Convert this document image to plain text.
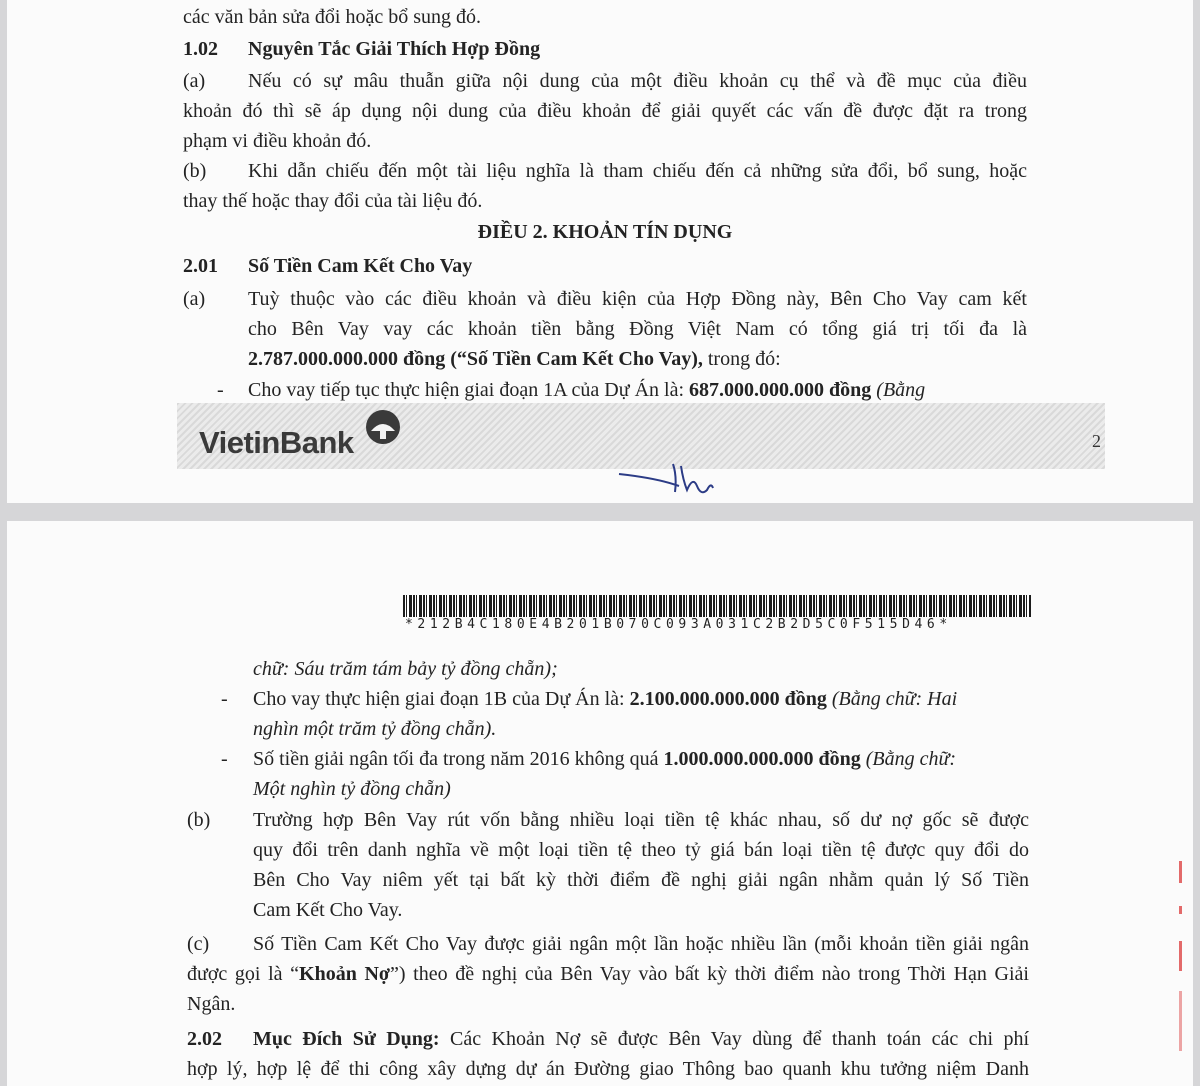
các văn bản sửa đổi hoặc bổ sung đó.
1.02 Nguyên Tắc Giải Thích Hợp Đồng
(a) Nếu có sự mâu thuẫn giữa nội dung của một điều khoản cụ thể và đề mục của điều
khoản đó thì sẽ áp dụng nội dung của điều khoản để giải quyết các vấn đề được đặt ra trong
phạm vi điều khoản đó.
(b) Khi dẫn chiếu đến một tài liệu nghĩa là tham chiếu đến cả những sửa đổi, bổ sung, hoặc
thay thế hoặc thay đổi của tài liệu đó.
ĐIỀU 2. KHOẢN TÍN DỤNG
2.01 Số Tiền Cam Kết Cho Vay
(a) Tuỳ thuộc vào các điều khoản và điều kiện của Hợp Đồng này, Bên Cho Vay cam kết
cho Bên Vay vay các khoản tiền bằng Đồng Việt Nam có tổng giá trị tối đa là
2.787.000.000.000 đồng (“Số Tiền Cam Kết Cho Vay), trong đó:
- Cho vay tiếp tục thực hiện giai đoạn 1A của Dự Án là: 687.000.000.000 đồng (Bằng
VietinBank	2
*212B4C180E4B201B070C093A031C2B2D5C0F515D46*
chữ: Sáu trăm tám bảy tỷ đồng chẵn);
- Cho vay thực hiện giai đoạn 1B của Dự Án là: 2.100.000.000.000 đồng (Bằng chữ: Hai
nghìn một trăm tỷ đồng chẵn).
- Số tiền giải ngân tối đa trong năm 2016 không quá 1.000.000.000.000 đồng (Bằng chữ:
Một nghìn tỷ đồng chẵn)
(b) Trường hợp Bên Vay rút vốn bằng nhiều loại tiền tệ khác nhau, số dư nợ gốc sẽ được
quy đổi trên danh nghĩa về một loại tiền tệ theo tỷ giá bán loại tiền tệ được quy đổi do
Bên Cho Vay niêm yết tại bất kỳ thời điểm đề nghị giải ngân nhằm quản lý Số Tiền
Cam Kết Cho Vay.
(c) Số Tiền Cam Kết Cho Vay được giải ngân một lần hoặc nhiều lần (mỗi khoản tiền giải ngân
được gọi là “Khoản Nợ”) theo đề nghị của Bên Vay vào bất kỳ thời điểm nào trong Thời Hạn Giải
Ngân.
2.02 Mục Đích Sử Dụng: Các Khoản Nợ sẽ được Bên Vay dùng để thanh toán các chi phí
hợp lý, hợp lệ để thi công xây dựng dự án Đường giao Thông bao quanh khu tưởng niệm Danh
